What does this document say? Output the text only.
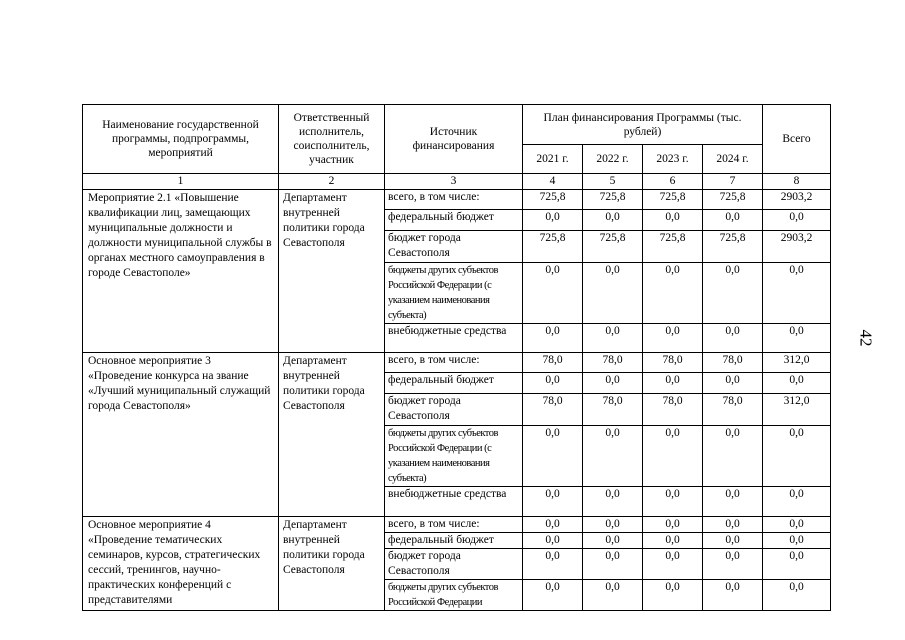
42
Наименование государственной программы, подпрограммы, мероприятий	Ответственный исполнитель, соисполнитель, участник	Источник финансирования	План финансирования Программы (тыс. рублей)				Всего
			2021 г.	2022 г.	2023 г.	2024 г.	
1	2	3	4	5	6	7	8
Мероприятие 2.1 «Повышение квалификации лиц, замещающих муниципальные должности и должности муниципальной службы в органах местного самоуправления в городе Севастополе»	Департамент внутренней политики города Севастополя	всего, в том числе:	725,8	725,8	725,8	725,8	2903,2
		федеральный бюджет	0,0	0,0	0,0	0,0	0,0
		бюджет города Севастополя	725,8	725,8	725,8	725,8	2903,2
		бюджеты других субъектов Российской Федерации (с указанием наименования субъекта)	0,0	0,0	0,0	0,0	0,0
		внебюджетные средства	0,0	0,0	0,0	0,0	0,0
Основное мероприятие 3 «Проведение конкурса на звание «Лучший муниципальный служащий города Севастополя»	Департамент внутренней политики города Севастополя	всего, в том числе:	78,0	78,0	78,0	78,0	312,0
		федеральный бюджет	0,0	0,0	0,0	0,0	0,0
		бюджет города Севастополя	78,0	78,0	78,0	78,0	312,0
		бюджеты других субъектов Российской Федерации (с указанием наименования субъекта)	0,0	0,0	0,0	0,0	0,0
		внебюджетные средства	0,0	0,0	0,0	0,0	0,0
Основное мероприятие 4 «Проведение тематических семинаров, курсов, стратегических сессий, тренингов, научно-практических конференций с представителями	Департамент внутренней политики города Севастополя	всего, в том числе:	0,0	0,0	0,0	0,0	0,0
		федеральный бюджет	0,0	0,0	0,0	0,0	0,0
		бюджет города Севастополя	0,0	0,0	0,0	0,0	0,0
		бюджеты других субъектов Российской Федерации	0,0	0,0	0,0	0,0	0,0
